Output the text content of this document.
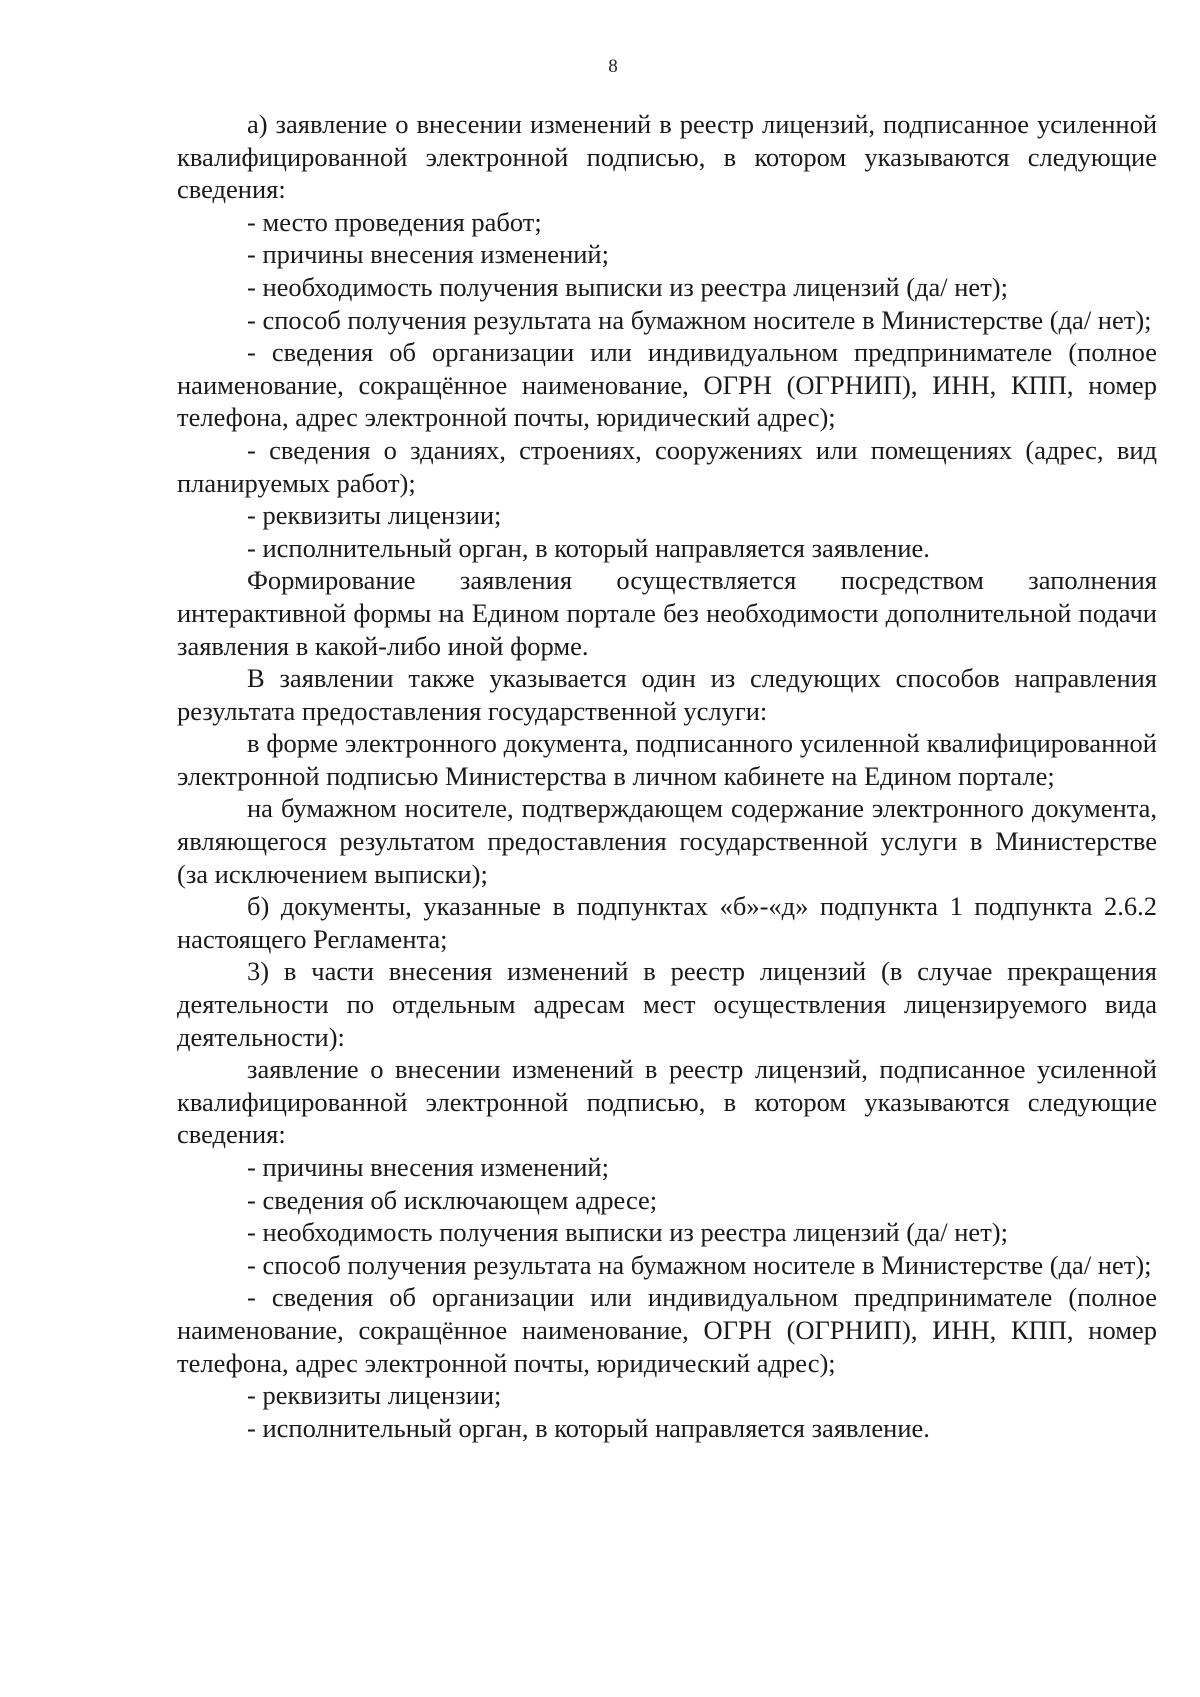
8

а) заявление о внесении изменений в реестр лицензий, подписанное усиленной квалифицированной электронной подписью, в котором указываются следующие сведения:

- место проведения работ;

- причины внесения изменений;

- необходимость получения выписки из реестра лицензий (да/ нет);

- способ получения результата на бумажном носителе в Министерстве (да/ нет);

- сведения об организации или индивидуальном предпринимателе (полное наименование, сокращённое наименование, ОГРН (ОГРНИП), ИНН, КПП, номер телефона, адрес электронной почты, юридический адрес);

- сведения о зданиях, строениях, сооружениях или помещениях (адрес, вид планируемых работ);

- реквизиты лицензии;

- исполнительный орган, в который направляется заявление.

Формирование заявления осуществляется посредством заполнения интерактивной формы на Едином портале без необходимости дополнительной подачи заявления в какой-либо иной форме.

В заявлении также указывается один из следующих способов направления результата предоставления государственной услуги:

в форме электронного документа, подписанного усиленной квалифицированной электронной подписью Министерства в личном кабинете на Едином портале;

на бумажном носителе, подтверждающем содержание электронного документа, являющегося результатом предоставления государственной услуги в Министерстве (за исключением выписки);

б) документы, указанные в подпунктах «б»-«д» подпункта 1 подпункта 2.6.2 настоящего Регламента;

3) в части внесения изменений в реестр лицензий (в случае прекращения деятельности по отдельным адресам мест осуществления лицензируемого вида деятельности):

заявление о внесении изменений в реестр лицензий, подписанное усиленной квалифицированной электронной подписью, в котором указываются следующие сведения:

- причины внесения изменений;

- сведения об исключающем адресе;

- необходимость получения выписки из реестра лицензий (да/ нет);

- способ получения результата на бумажном носителе в Министерстве (да/ нет);

- сведения об организации или индивидуальном предпринимателе (полное наименование, сокращённое наименование, ОГРН (ОГРНИП), ИНН, КПП, номер телефона, адрес электронной почты, юридический адрес);

- реквизиты лицензии;

- исполнительный орган, в который направляется заявление.
